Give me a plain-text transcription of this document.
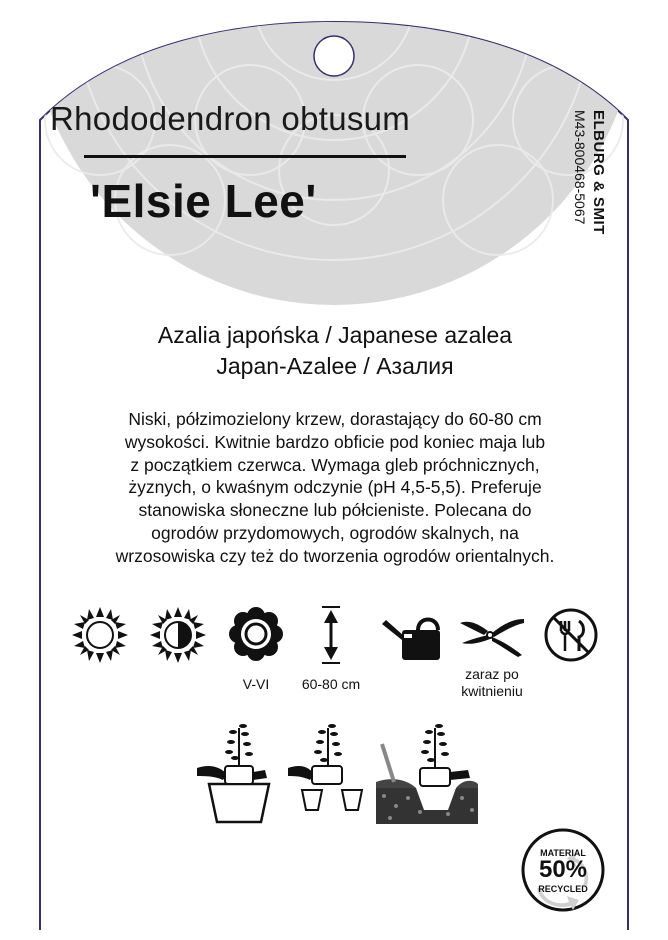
Rhododendron obtusum
'Elsie Lee'	ELBURG & SMIT
M43-800468-5067
Azalia japońska / Japanese azalea
Japan-Azalee / Азалия
Niski, półzimozielony krzew, dorastający do 60-80 cm
wysokości. Kwitnie bardzo obficie pod koniec maja lub
z początkiem czerwca. Wymaga gleb próchnicznych,
żyznych, o kwaśnym odczynie (pH 4,5-5,5). Preferuje
stanowiska słoneczne lub półcieniste. Polecana do
ogrodów przydomowych, ogrodów skalnych, na
wrzosowiska czy też do tworzenia ogrodów orientalnych.
V-VI	60-80 cm
zaraz po
kwitnieniu
MATERIAL
50%
RECYCLED
